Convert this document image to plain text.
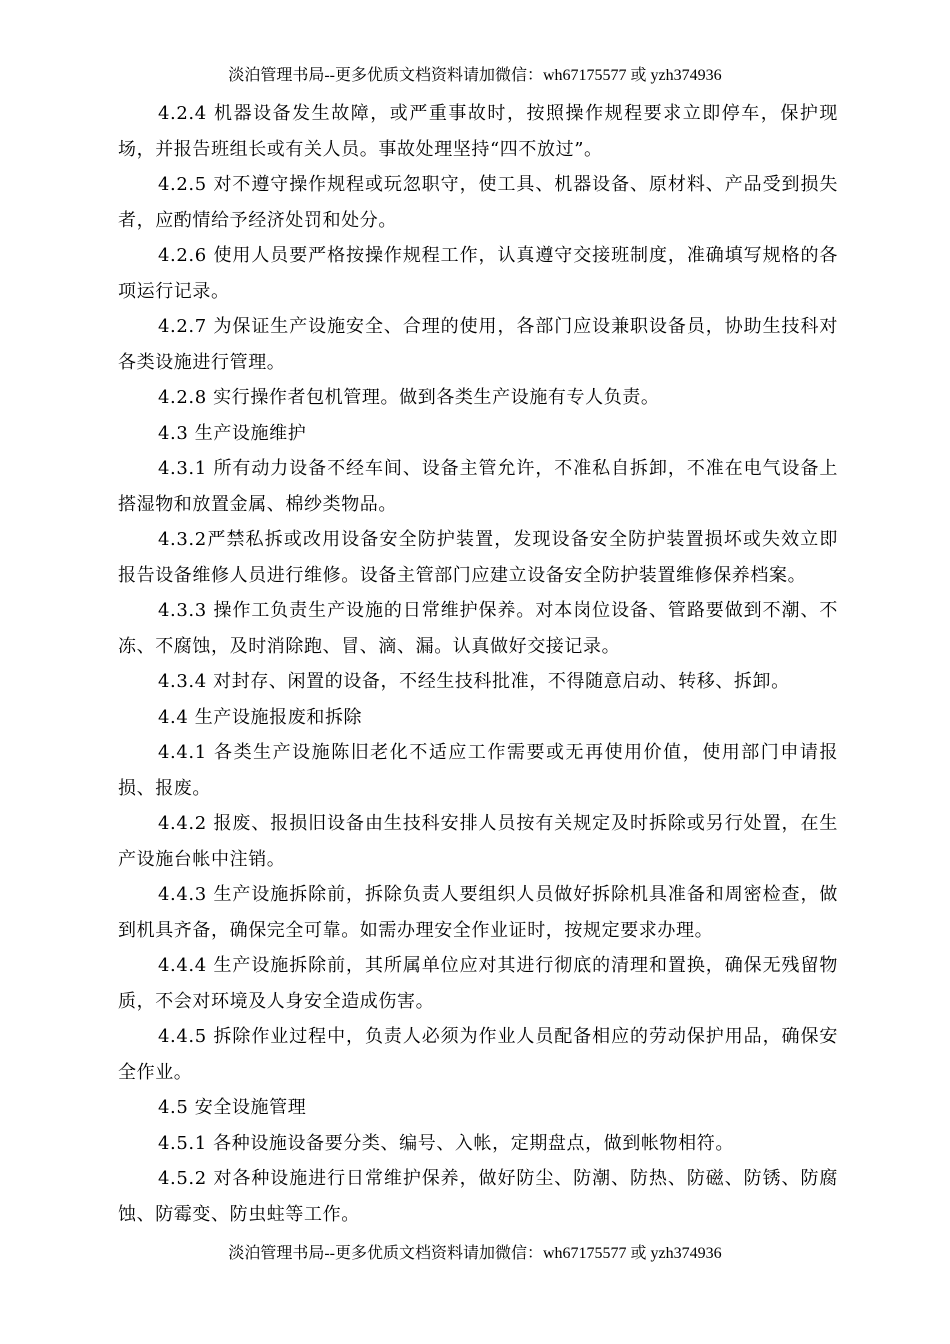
淡泊管理书局--更多优质文档资料请加微信：wh67175577 或 yzh374936

4.2.4 机器设备发生故障，或严重事故时，按照操作规程要求立即停车，保护现场，并报告班组长或有关人员。事故处理坚持“四不放过”。

4.2.5 对不遵守操作规程或玩忽职守，使工具、机器设备、原材料、产品受到损失者，应酌情给予经济处罚和处分。

4.2.6 使用人员要严格按操作规程工作，认真遵守交接班制度，准确填写规格的各项运行记录。

4.2.7 为保证生产设施安全、合理的使用，各部门应设兼职设备员，协助生技科对各类设施进行管理。

4.2.8 实行操作者包机管理。做到各类生产设施有专人负责。

4.3 生产设施维护

4.3.1 所有动力设备不经车间、设备主管允许，不准私自拆卸，不准在电气设备上搭湿物和放置金属、棉纱类物品。

4.3.2严禁私拆或改用设备安全防护装置，发现设备安全防护装置损坏或失效立即报告设备维修人员进行维修。设备主管部门应建立设备安全防护装置维修保养档案。

4.3.3 操作工负责生产设施的日常维护保养。对本岗位设备、管路要做到不潮、不冻、不腐蚀，及时消除跑、冒、滴、漏。认真做好交接记录。

4.3.4 对封存、闲置的设备，不经生技科批准，不得随意启动、转移、拆卸。

4.4 生产设施报废和拆除

4.4.1 各类生产设施陈旧老化不适应工作需要或无再使用价值，使用部门申请报损、报废。

4.4.2 报废、报损旧设备由生技科安排人员按有关规定及时拆除或另行处置，在生产设施台帐中注销。

4.4.3 生产设施拆除前，拆除负责人要组织人员做好拆除机具准备和周密检查，做到机具齐备，确保完全可靠。如需办理安全作业证时，按规定要求办理。

4.4.4 生产设施拆除前，其所属单位应对其进行彻底的清理和置换，确保无残留物质，不会对环境及人身安全造成伤害。

4.4.5 拆除作业过程中，负责人必须为作业人员配备相应的劳动保护用品，确保安全作业。

4.5 安全设施管理

4.5.1 各种设施设备要分类、编号、入帐，定期盘点，做到帐物相符。

4.5.2 对各种设施进行日常维护保养，做好防尘、防潮、防热、防磁、防锈、防腐蚀、防霉变、防虫蛀等工作。

淡泊管理书局--更多优质文档资料请加微信：wh67175577 或 yzh374936
